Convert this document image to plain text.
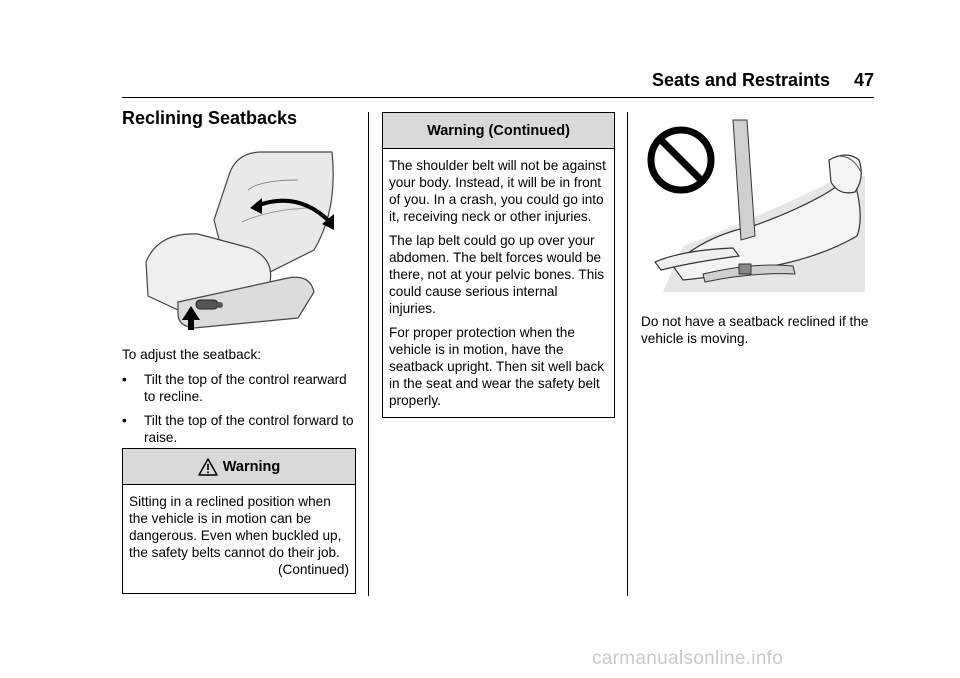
Seats and Restraints 47
Reclining Seatbacks
To adjust the seatback:
• Tilt the top of the control rearward to recline.
• Tilt the top of the control forward to raise.
Warning

Sitting in a reclined position when the vehicle is in motion can be dangerous. Even when buckled up, the safety belts cannot do their job.

(Continued)
Warning (Continued)

The shoulder belt will not be against your body. Instead, it will be in front of you. In a crash, you could go into it, receiving neck or other injuries.

The lap belt could go up over your abdomen. The belt forces would be there, not at your pelvic bones. This could cause serious internal injuries.

For proper protection when the vehicle is in motion, have the seatback upright. Then sit well back in the seat and wear the safety belt properly.

Do not have a seatback reclined if the vehicle is moving.
carmanualsonline.info
